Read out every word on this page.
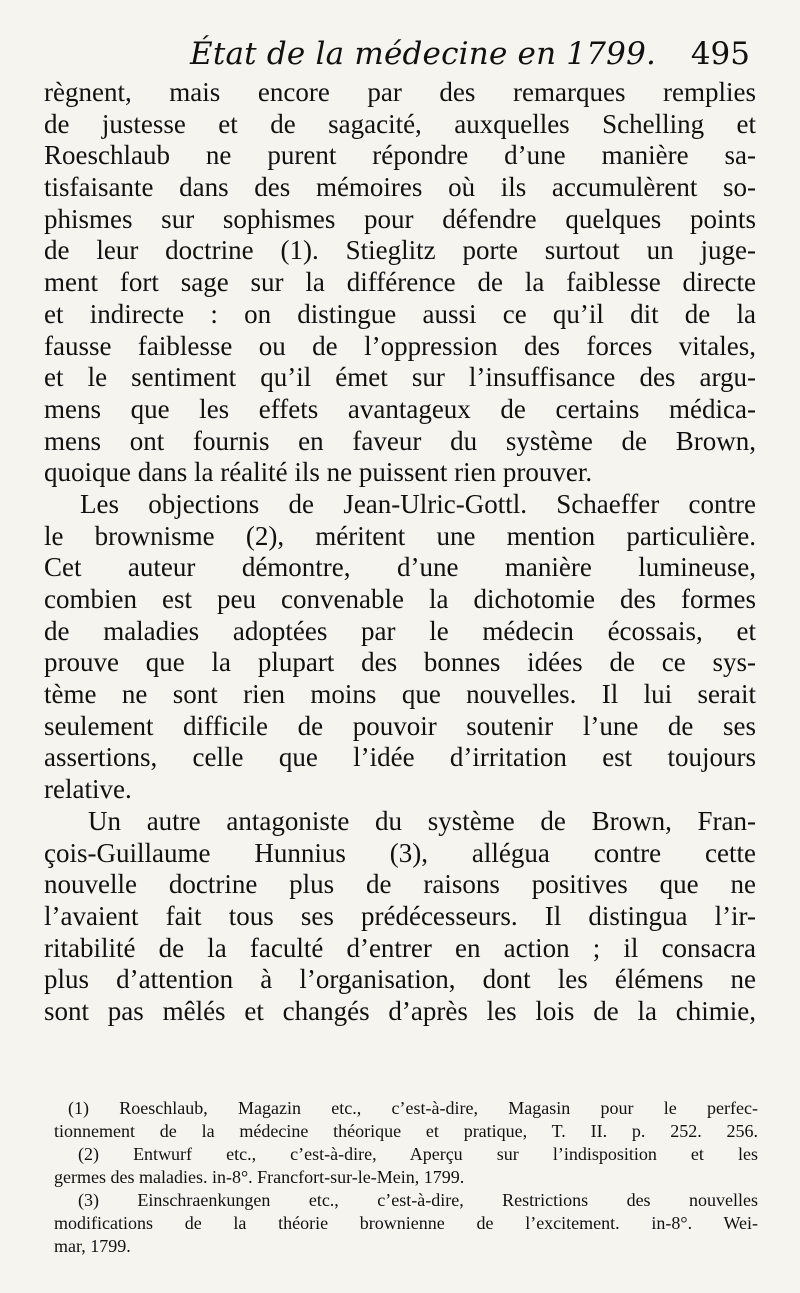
État de la médecine en 1799. 495
règnent, mais encore par des remarques remplies
de justesse et de sagacité, auxquelles Schelling et
Roeschlaub ne purent répondre d’une manière sa-
tisfaisante dans des mémoires où ils accumulèrent so-
phismes sur sophismes pour défendre quelques points
de leur doctrine (1). Stieglitz porte surtout un juge-
ment fort sage sur la différence de la faiblesse directe
et indirecte : on distingue aussi ce qu’il dit de la
fausse faiblesse ou de l’oppression des forces vitales,
et le sentiment qu’il émet sur l’insuffisance des argu-
mens que les effets avantageux de certains médica-
mens ont fournis en faveur du système de Brown,
quoique dans la réalité ils ne puissent rien prouver.
Les objections de Jean-Ulric-Gottl. Schaeffer contre
le brownisme (2), méritent une mention particulière.
Cet auteur démontre, d’une manière lumineuse,
combien est peu convenable la dichotomie des formes
de maladies adoptées par le médecin écossais, et
prouve que la plupart des bonnes idées de ce sys-
tème ne sont rien moins que nouvelles. Il lui serait
seulement difficile de pouvoir soutenir l’une de ses
assertions, celle que l’idée d’irritation est toujours
relative.
Un autre antagoniste du système de Brown, Fran-
çois-Guillaume Hunnius (3), allégua contre cette
nouvelle doctrine plus de raisons positives que ne
l’avaient fait tous ses prédécesseurs. Il distingua l’ir-
ritabilité de la faculté d’entrer en action ; il consacra
plus d’attention à l’organisation, dont les élémens ne
sont pas mêlés et changés d’après les lois de la chimie,
(1) Roeschlaub, Magazin etc., c’est-à-dire, Magasin pour le perfec-
tionnement de la médecine théorique et pratique, T. II. p. 252. 256.
(2) Entwurf etc., c’est-à-dire, Aperçu sur l’indisposition et les
germes des maladies. in-8°. Francfort-sur-le-Mein, 1799.
(3) Einschraenkungen etc., c’est-à-dire, Restrictions des nouvelles
modifications de la théorie brownienne de l’excitement. in-8°. Wei-
mar, 1799.
